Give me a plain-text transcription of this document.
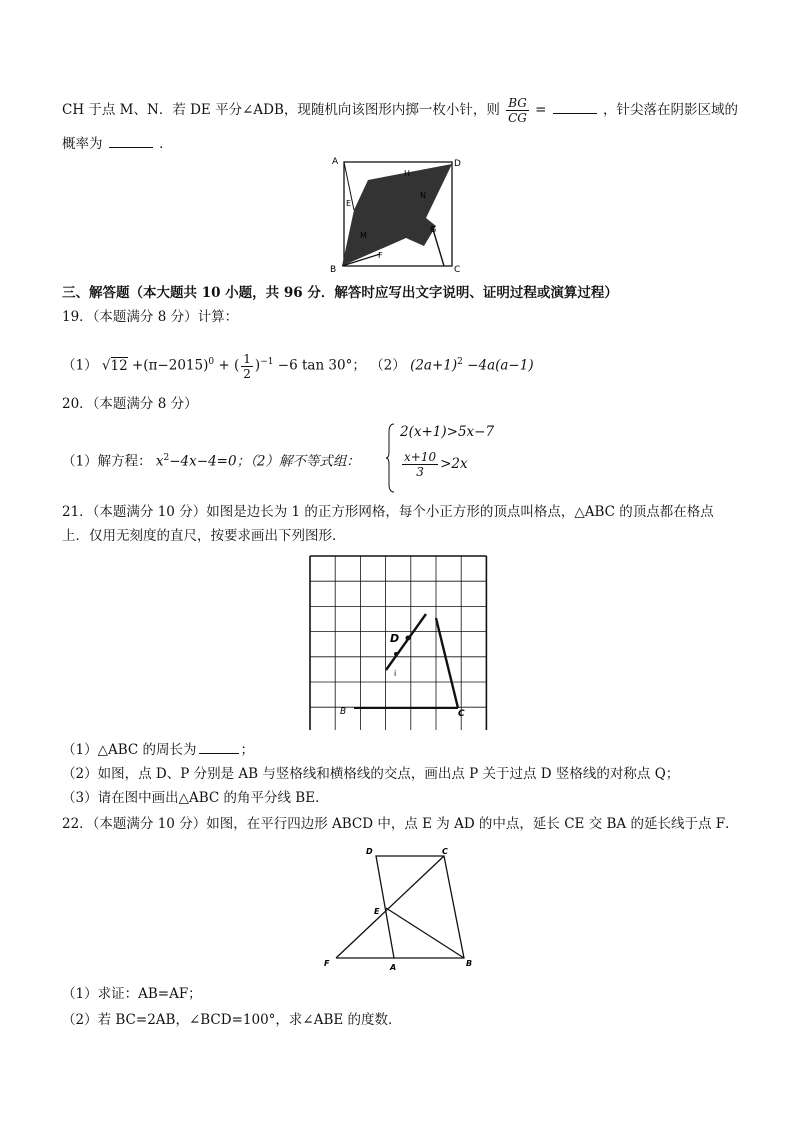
CH 于点 M、N．若 DE 平分∠ADB，现随机向该图形内掷一枚小针，则 $\frac{BG}{CG}$ =	，针尖落在阴影区域的
概率为	．
A	D
B	C
E
H
N
G
M
F
三、解答题（本大题共 10 小题，共 96 分．解答时应写出文字说明、证明过程或演算过程）
19．（本题满分 8 分）计算：
（1） $√12 +(\pi-2015)^0$ + ( $\frac{1}{2} )^{-1} -6$ tan 30°； （2） $(2a+1)^2 -4a(a-1)$
20．（本题满分 8 分）
（1）解方程： $x^2-4x-4=0$；（2）解不等式组：
2(x+1)>5x−7
$\frac{x+10}{3} >2x$
21．（本题满分 10 分）如图是边长为 1 的正方形网格，每个小正方形的顶点叫格点，△ABC 的顶点都在格点
上．仅用无刻度的直尺，按要求画出下列图形．
D
B	C
i
（1）△ABC 的周长为	；
（2）如图，点 D、P 分别是 AB 与竖格线和横格线的交点，画出点 P 关于过点 D 竖格线的对称点 Q；
（3）请在图中画出△ABC 的角平分线 BE．
22．（本题满分 10 分）如图，在平行四边形 ABCD 中，点 E 为 AD 的中点，延长 CE 交 BA 的延长线于点 F．
D	C
E
F	A	B
（1）求证：AB=AF；
（2）若 BC=2AB，∠BCD=100°，求∠ABE 的度数．
